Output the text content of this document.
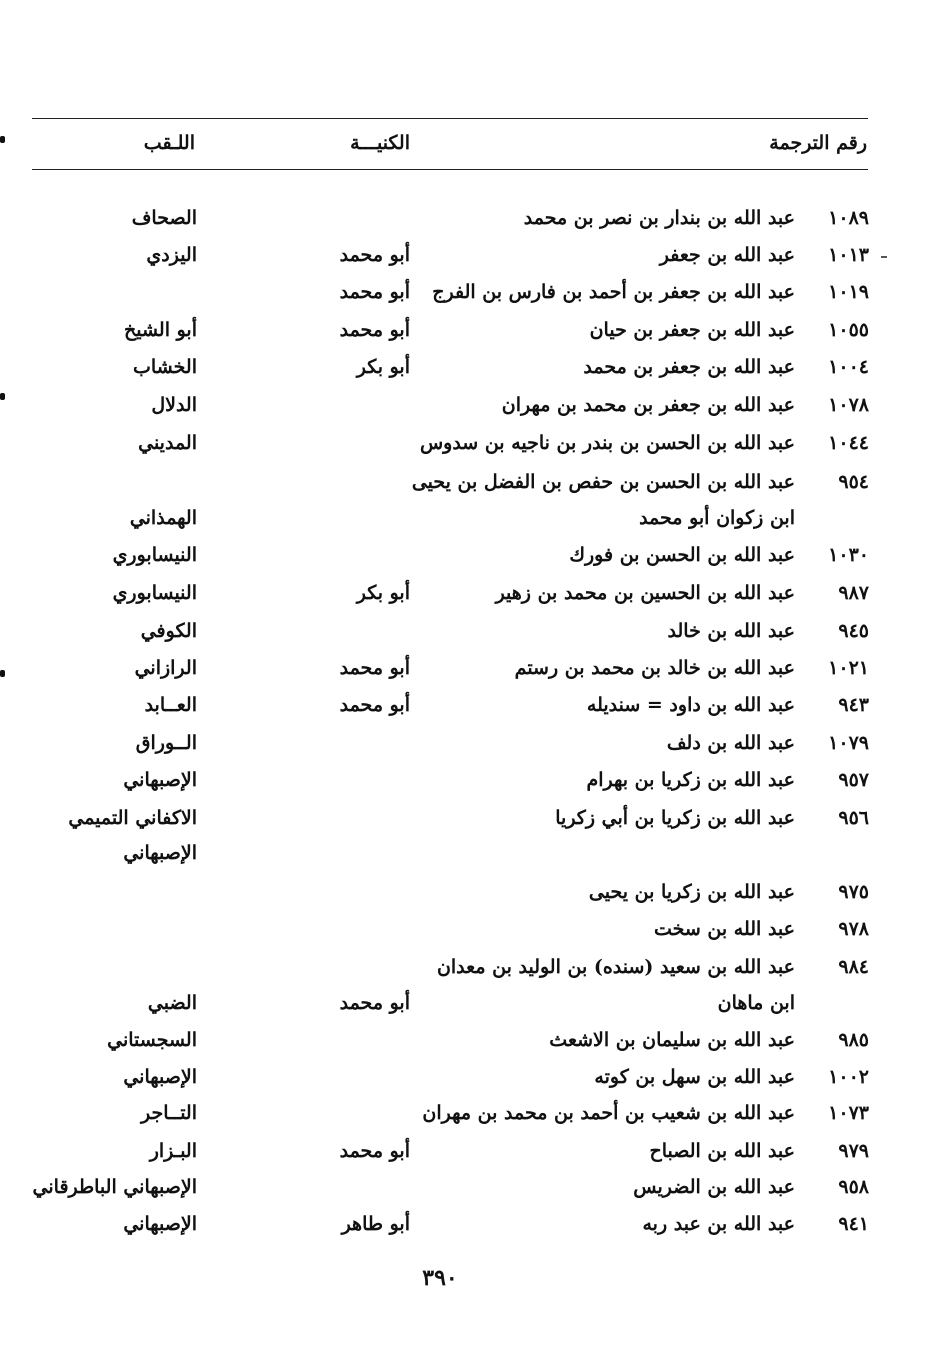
رقم الترجمة
الكنيـــة
اللـقب
١٠٨٩
عبد الله بن بندار بن نصر بن محمد
الصحاف
١٠١٣
عبد الله بن جعفر
أبو محمد
اليزدي
١٠١٩
عبد الله بن جعفر بن أحمد بن فارس بن الفرج
أبو محمد
١٠٥٥
عبد الله بن جعفر بن حيان
أبو محمد
أبو الشيخ
١٠٠٤
عبد الله بن جعفر بن محمد
أبو بكر
الخشاب
١٠٧٨
عبد الله بن جعفر بن محمد بن مهران
الدلال
١٠٤٤
عبد الله بن الحسن بن بندر بن ناجيه بن سدوس
المديني
٩٥٤
عبد الله بن الحسن بن حفص بن الفضل بن يحيى
ابن زكوان أبو محمد
الهمذاني
١٠٣٠
عبد الله بن الحسن بن فورك
النيسابوري
٩٨٧
عبد الله بن الحسين بن محمد بن زهير
أبو بكر
النيسابوري
٩٤٥
عبد الله بن خالد
الكوفي
١٠٢١
عبد الله بن خالد بن محمد بن رستم
أبو محمد
الرازاني
٩٤٣
عبد الله بن داود = سنديله
أبو محمد
العــابد
١٠٧٩
عبد الله بن دلف
الــوراق
٩٥٧
عبد الله بن زكريا بن بهرام
الإصبهاني
٩٥٦
عبد الله بن زكريا بن أبي زكريا
الاكفاني التميمي
الإصبهاني
٩٧٥
عبد الله بن زكريا بن يحيى
٩٧٨
عبد الله بن سخت
٩٨٤
عبد الله بن سعيد (سنده) بن الوليد بن معدان
ابن ماهان
أبو محمد
الضبي
٩٨٥
عبد الله بن سليمان بن الاشعث
السجستاني
١٠٠٢
عبد الله بن سهل بن كوته
الإصبهاني
١٠٧٣
عبد الله بن شعيب بن أحمد بن محمد بن مهران
التــاجر
٩٧٩
عبد الله بن الصباح
أبو محمد
البـزار
٩٥٨
عبد الله بن الضريس
الإصبهاني الباطرقاني
٩٤١
عبد الله بن عبد ربه
أبو طاهر
الإصبهاني
٣٩٠
